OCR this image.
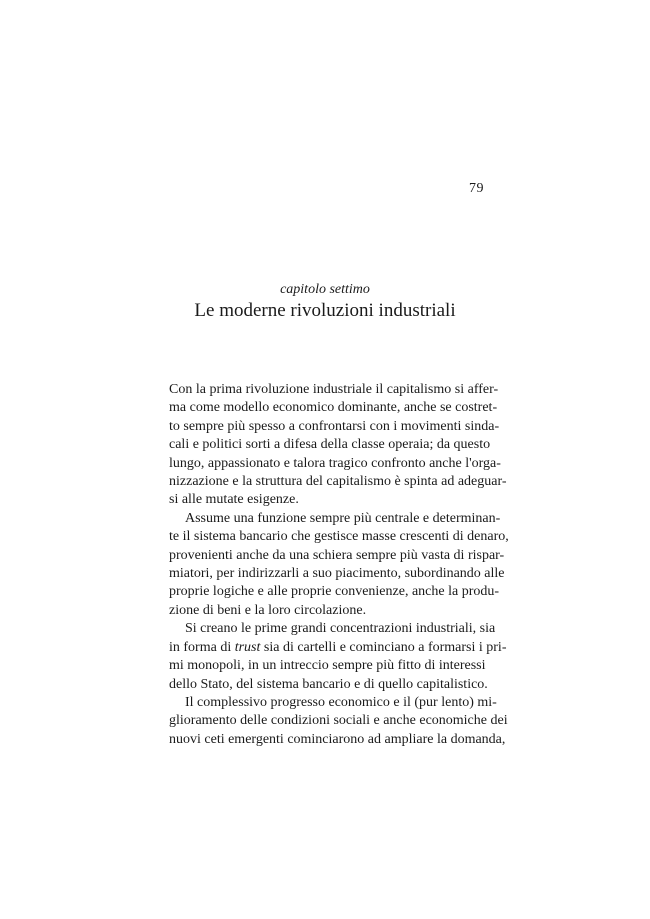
79
capitolo settimo
Le moderne rivoluzioni industriali
Con la prima rivoluzione industriale il capitalismo si affer-
ma come modello economico dominante, anche se costret-
to sempre più spesso a confrontarsi con i movimenti sinda-
cali e politici sorti a difesa della classe operaia; da questo
lungo, appassionato e talora tragico confronto anche l'orga-
nizzazione e la struttura del capitalismo è spinta ad adeguar-
si alle mutate esigenze.
Assume una funzione sempre più centrale e determinan-
te il sistema bancario che gestisce masse crescenti di denaro,
provenienti anche da una schiera sempre più vasta di rispar-
miatori, per indirizzarli a suo piacimento, subordinando alle
proprie logiche e alle proprie convenienze, anche la produ-
zione di beni e la loro circolazione.
Si creano le prime grandi concentrazioni industriali, sia
in forma di trust sia di cartelli e cominciano a formarsi i pri-
mi monopoli, in un intreccio sempre più fitto di interessi
dello Stato, del sistema bancario e di quello capitalistico.
Il complessivo progresso economico e il (pur lento) mi-
glioramento delle condizioni sociali e anche economiche dei
nuovi ceti emergenti cominciarono ad ampliare la domanda,
